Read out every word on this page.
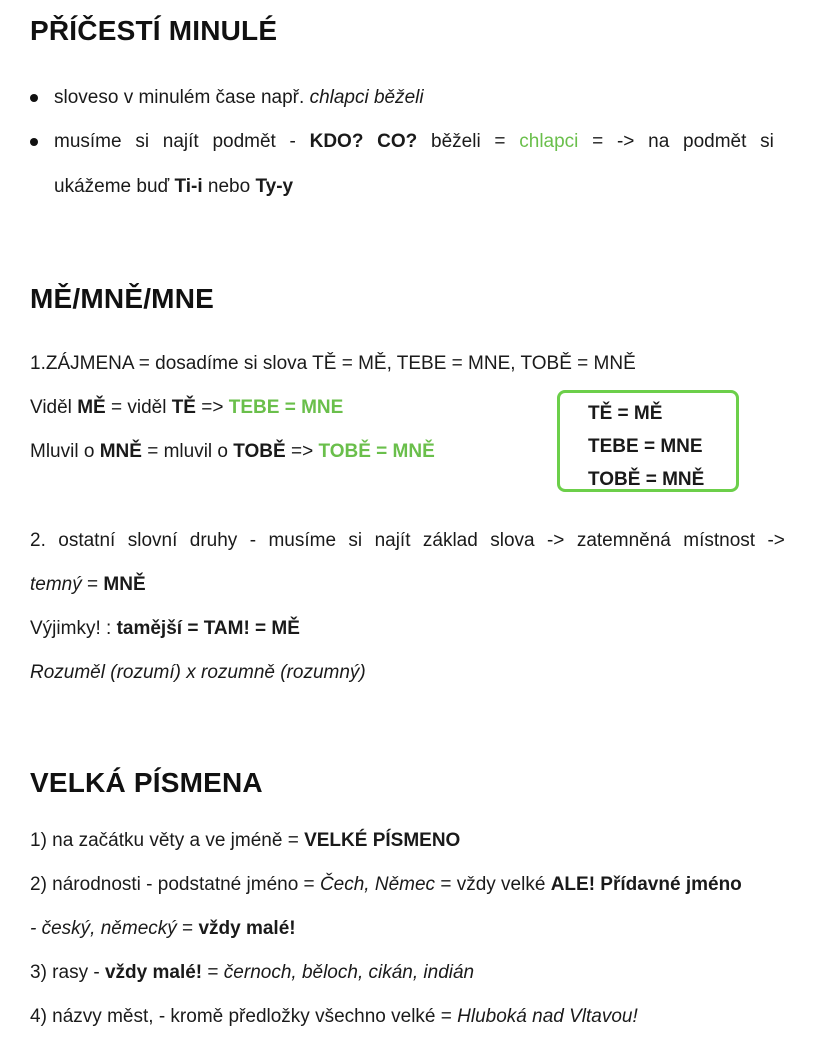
PŘÍČESTÍ MINULÉ
sloveso v minulém čase např. chlapci běželi
musíme si najít podmět - KDO? CO? běželi = chlapci = -> na podmět si
ukážeme buď Ti-i nebo Ty-y
MĚ/MNĚ/MNE
1.ZÁJMENA = dosadíme si slova TĚ = MĚ, TEBE = MNE, TOBĚ = MNĚ
Viděl MĚ = viděl TĚ => TEBE = MNE
Mluvil o MNĚ = mluvil o TOBĚ => TOBĚ = MNĚ
TĚ = MĚ
TEBE = MNE
TOBĚ = MNĚ
2. ostatní slovní druhy - musíme si najít základ slova -> zatemněná místnost ->
temný = MNĚ
Výjimky! : tamější = TAM! = MĚ
Rozuměl (rozumí) x rozumně (rozumný)
VELKÁ PÍSMENA
1) na začátku věty a ve jméně = VELKÉ PÍSMENO
2) národnosti - podstatné jméno = Čech, Němec = vždy velké ALE! Přídavné jméno
- český, německý = vždy malé!
3) rasy - vždy malé! = černoch, běloch, cikán, indián
4) názvy měst, - kromě předložky všechno velké = Hluboká nad Vltavou!
